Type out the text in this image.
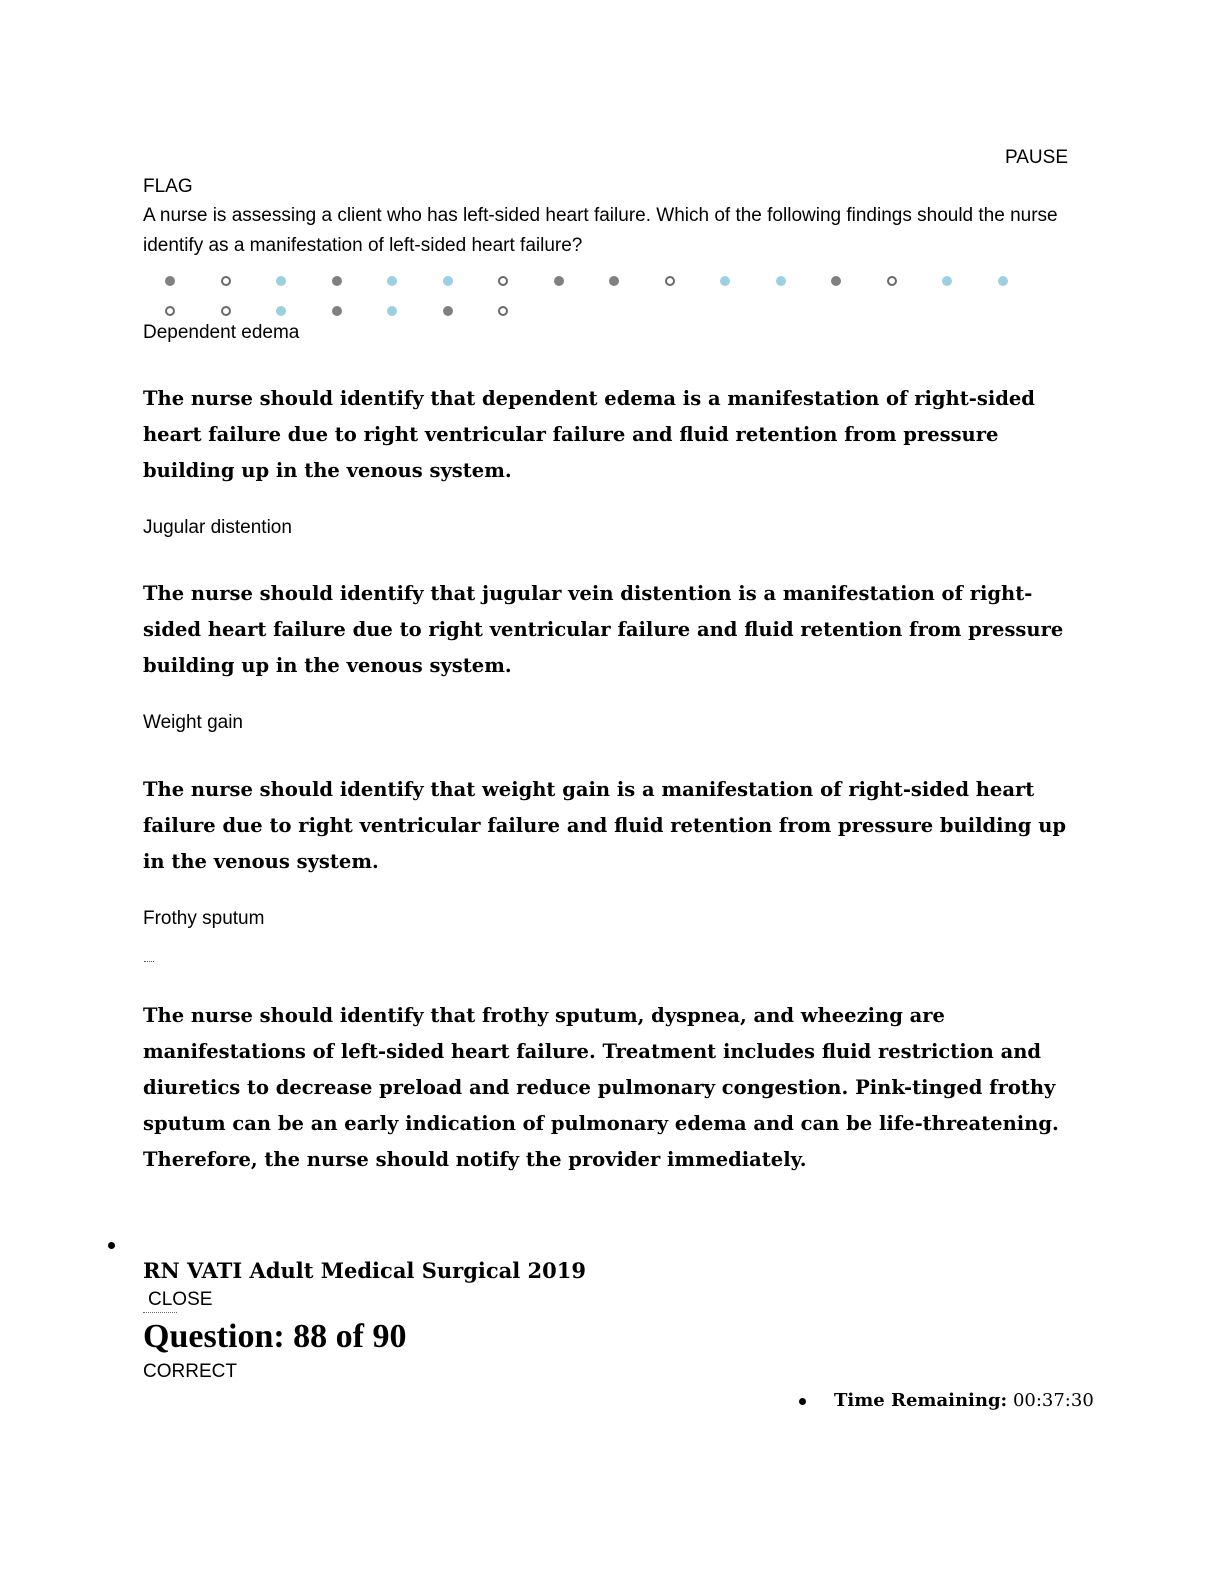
PAUSE
FLAG
A nurse is assessing a client who has left-sided heart failure. Which of the following findings should the nurse identify as a manifestation of left-sided heart failure?
Dependent edema
The nurse should identify that dependent edema is a manifestation of right-sided heart failure due to right ventricular failure and fluid retention from pressure building up in the venous system.
Jugular distention
The nurse should identify that jugular vein distention is a manifestation of right-sided heart failure due to right ventricular failure and fluid retention from pressure building up in the venous system.
Weight gain
The nurse should identify that weight gain is a manifestation of right-sided heart failure due to right ventricular failure and fluid retention from pressure building up in the venous system.
Frothy sputum
The nurse should identify that frothy sputum, dyspnea, and wheezing are manifestations of left-sided heart failure. Treatment includes fluid restriction and diuretics to decrease preload and reduce pulmonary congestion. Pink-tinged frothy sputum can be an early indication of pulmonary edema and can be life-threatening. Therefore, the nurse should notify the provider immediately.
RN VATI Adult Medical Surgical 2019
CLOSE
Question: 88 of 90
CORRECT
Time Remaining: 00:37:30
